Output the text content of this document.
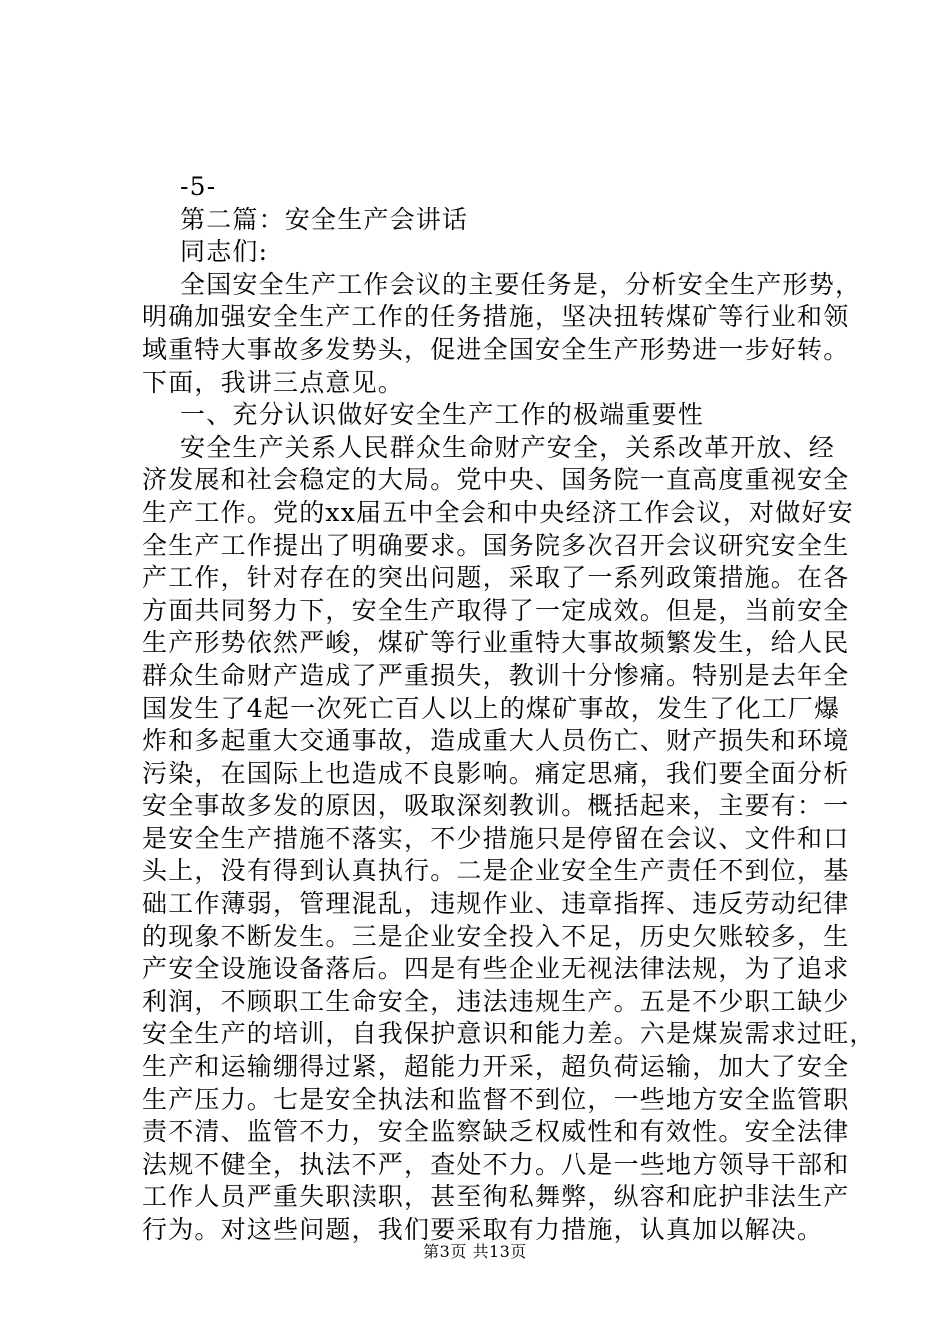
-5-
第二篇：安全生产会讲话
同志们:
全国安全生产工作会议的主要任务是，分析安全生产形势，
明确加强安全生产工作的任务措施，坚决扭转煤矿等行业和领
域重特大事故多发势头，促进全国安全生产形势进一步好转。
下面，我讲三点意见。
一、充分认识做好安全生产工作的极端重要性
安全生产关系人民群众生命财产安全，关系改革开放、经
济发展和社会稳定的大局。党中央、国务院一直高度重视安全
生产工作。党的xx届五中全会和中央经济工作会议，对做好安
全生产工作提出了明确要求。国务院多次召开会议研究安全生
产工作，针对存在的突出问题，采取了一系列政策措施。在各
方面共同努力下，安全生产取得了一定成效。但是，当前安全
生产形势依然严峻，煤矿等行业重特大事故频繁发生，给人民
群众生命财产造成了严重损失，教训十分惨痛。特别是去年全
国发生了4起一次死亡百人以上的煤矿事故，发生了化工厂爆
炸和多起重大交通事故，造成重大人员伤亡、财产损失和环境
污染，在国际上也造成不良影响。痛定思痛，我们要全面分析
安全事故多发的原因，吸取深刻教训。概括起来，主要有：一
是安全生产措施不落实，不少措施只是停留在会议、文件和口
头上，没有得到认真执行。二是企业安全生产责任不到位，基
础工作薄弱，管理混乱，违规作业、违章指挥、违反劳动纪律
的现象不断发生。三是企业安全投入不足，历史欠账较多，生
产安全设施设备落后。四是有些企业无视法律法规，为了追求
利润，不顾职工生命安全，违法违规生产。五是不少职工缺少
安全生产的培训，自我保护意识和能力差。六是煤炭需求过旺，
生产和运输绷得过紧，超能力开采，超负荷运输，加大了安全
生产压力。七是安全执法和监督不到位，一些地方安全监管职
责不清、监管不力，安全监察缺乏权威性和有效性。安全法律
法规不健全，执法不严，查处不力。八是一些地方领导干部和
工作人员严重失职渎职，甚至徇私舞弊，纵容和庇护非法生产
行为。对这些问题，我们要采取有力措施，认真加以解决。
第3页 共13页
